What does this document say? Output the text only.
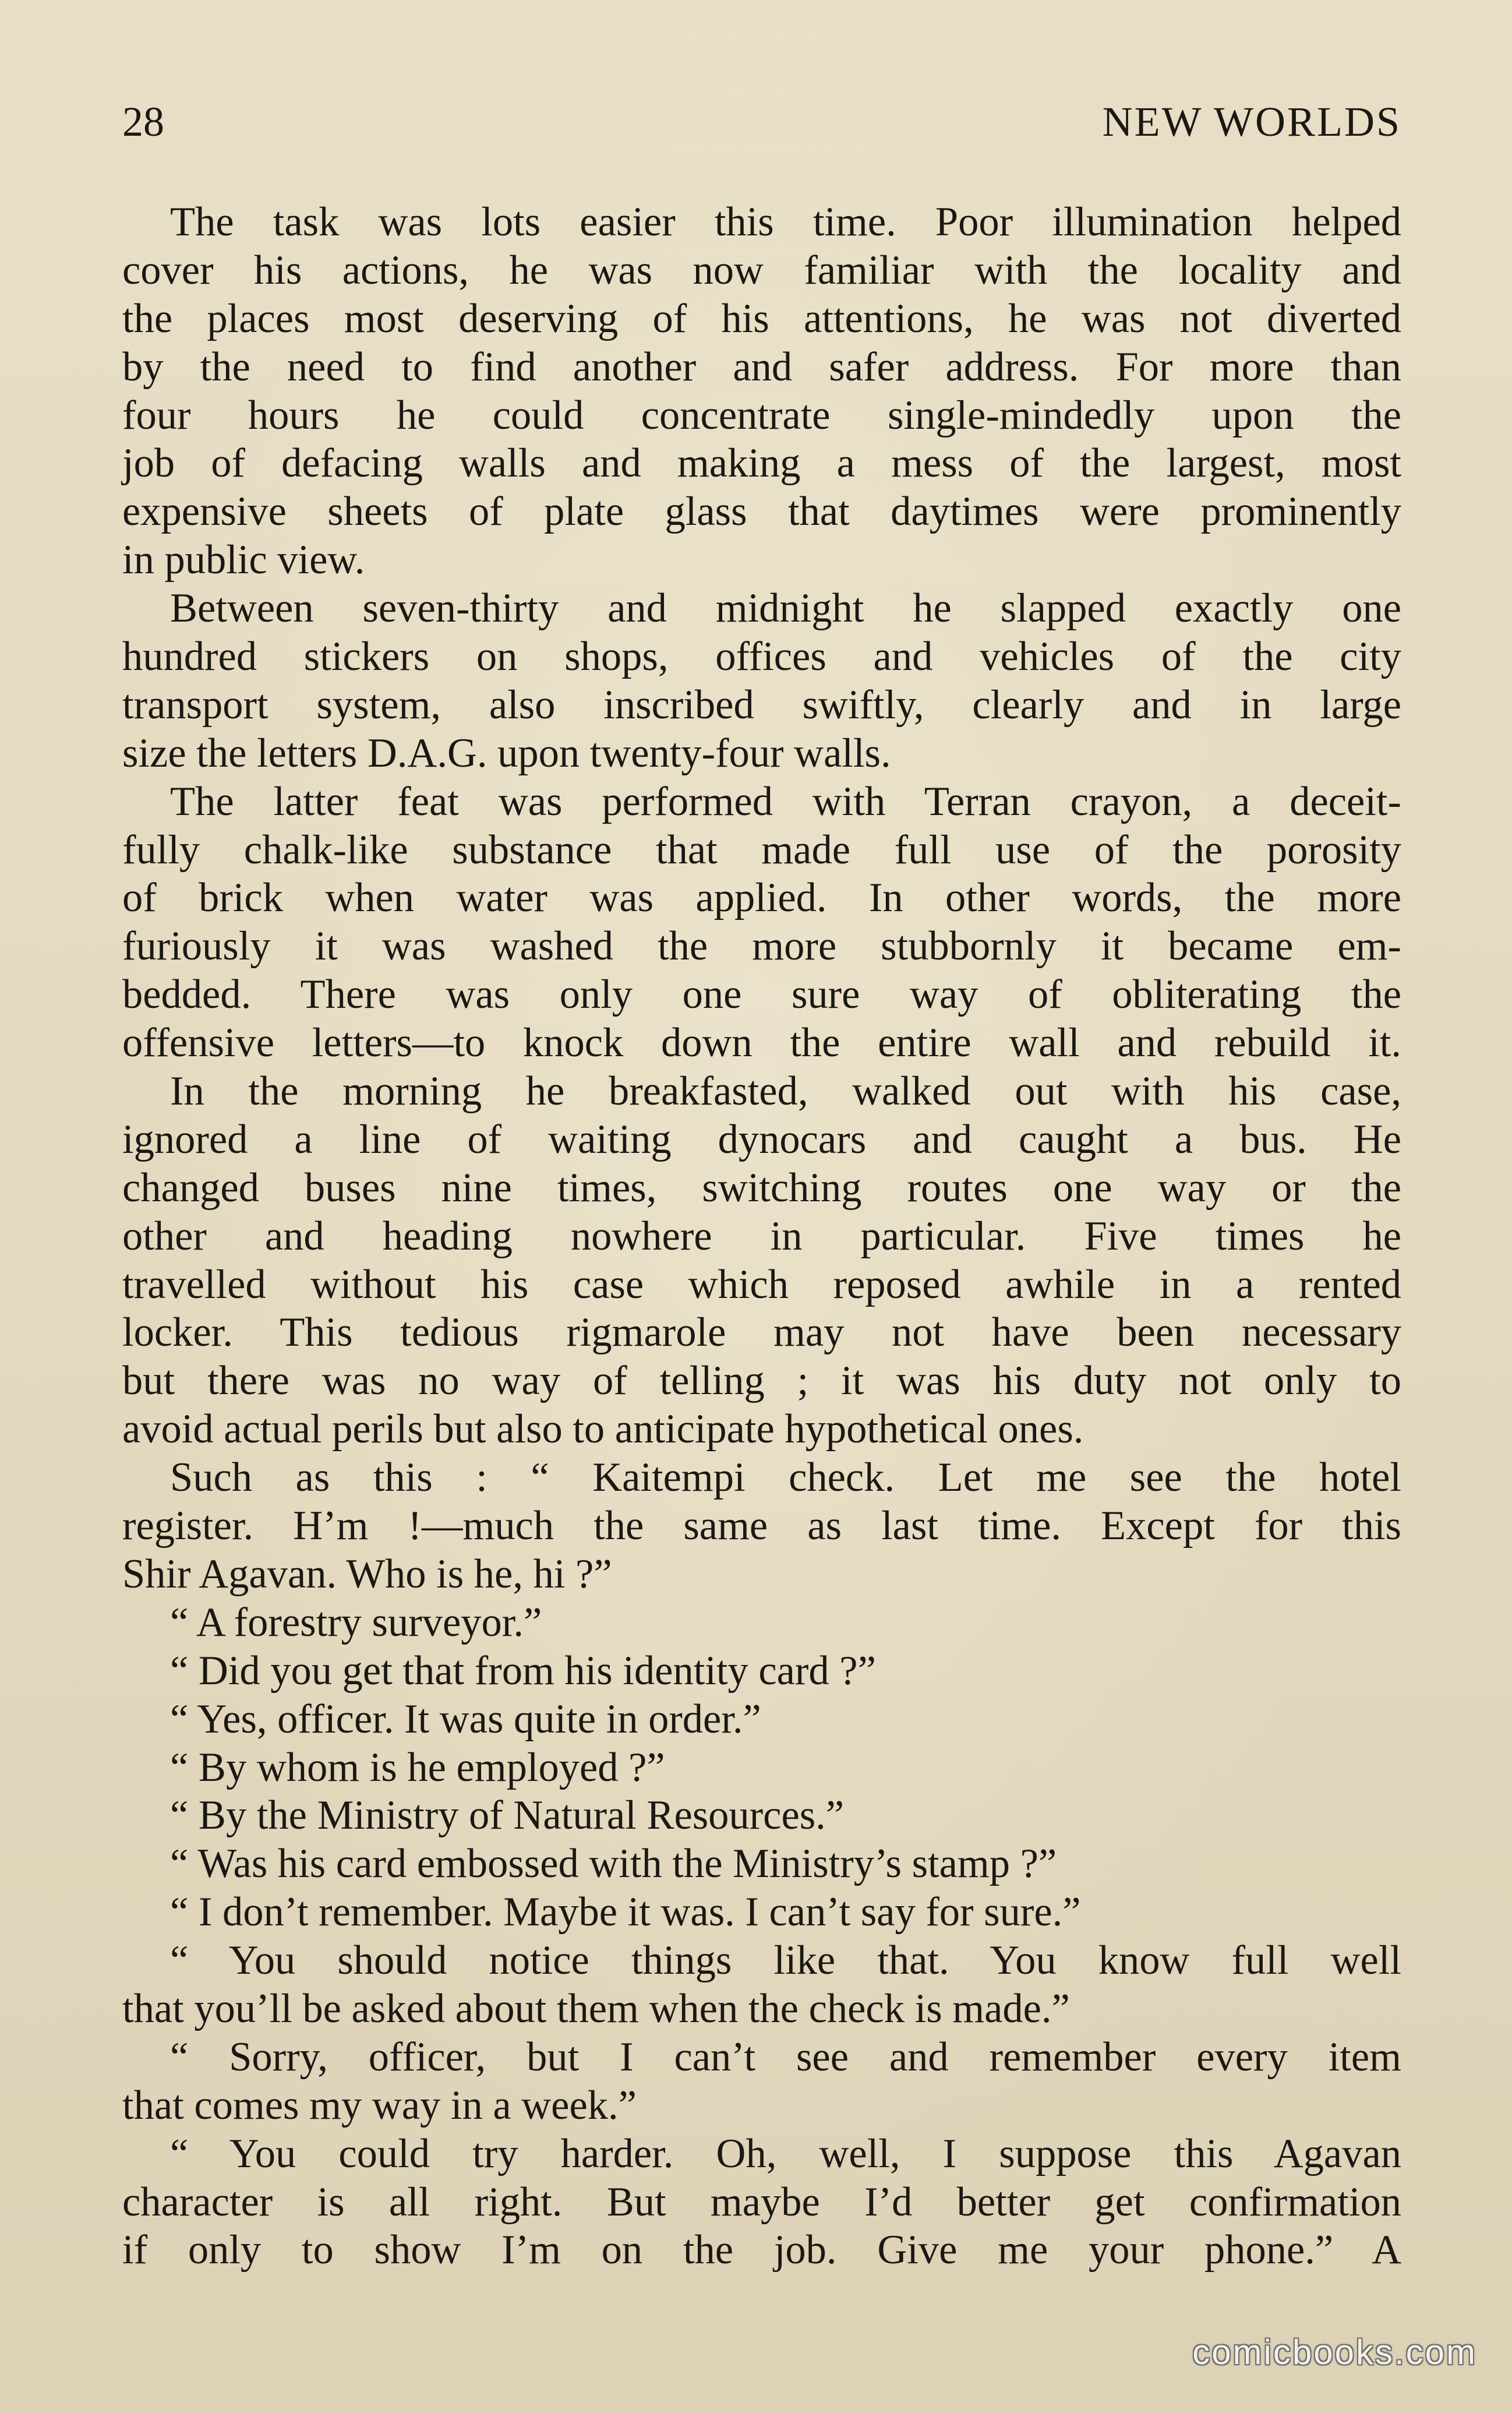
28	NEW WORLDS
The task was lots easier this time. Poor illumination helped
cover his actions, he was now familiar with the locality and
the places most deserving of his attentions, he was not diverted
by the need to find another and safer address. For more than
four hours he could concentrate single-mindedly upon the
job of defacing walls and making a mess of the largest, most
expensive sheets of plate glass that daytimes were prominently
in public view.
Between seven-thirty and midnight he slapped exactly one
hundred stickers on shops, offices and vehicles of the city
transport system, also inscribed swiftly, clearly and in large
size the letters D.A.G. upon twenty-four walls.
The latter feat was performed with Terran crayon, a deceit-
fully chalk-like substance that made full use of the porosity
of brick when water was applied. In other words, the more
furiously it was washed the more stubbornly it became em-
bedded. There was only one sure way of obliterating the
offensive letters—to knock down the entire wall and rebuild it.
In the morning he breakfasted, walked out with his case,
ignored a line of waiting dynocars and caught a bus. He
changed buses nine times, switching routes one way or the
other and heading nowhere in particular. Five times he
travelled without his case which reposed awhile in a rented
locker. This tedious rigmarole may not have been necessary
but there was no way of telling ; it was his duty not only to
avoid actual perils but also to anticipate hypothetical ones.
Such as this : “ Kaitempi check. Let me see the hotel
register. H’m !—much the same as last time. Except for this
Shir Agavan. Who is he, hi ?”
“ A forestry surveyor.”
“ Did you get that from his identity card ?”
“ Yes, officer. It was quite in order.”
“ By whom is he employed ?”
“ By the Ministry of Natural Resources.”
“ Was his card embossed with the Ministry’s stamp ?”
“ I don’t remember. Maybe it was. I can’t say for sure.”
“ You should notice things like that. You know full well
that you’ll be asked about them when the check is made.”
“ Sorry, officer, but I can’t see and remember every item
that comes my way in a week.”
“ You could try harder. Oh, well, I suppose this Agavan
character is all right. But maybe I’d better get confirmation
if only to show I’m on the job. Give me your phone.” A
comicbooks.com
